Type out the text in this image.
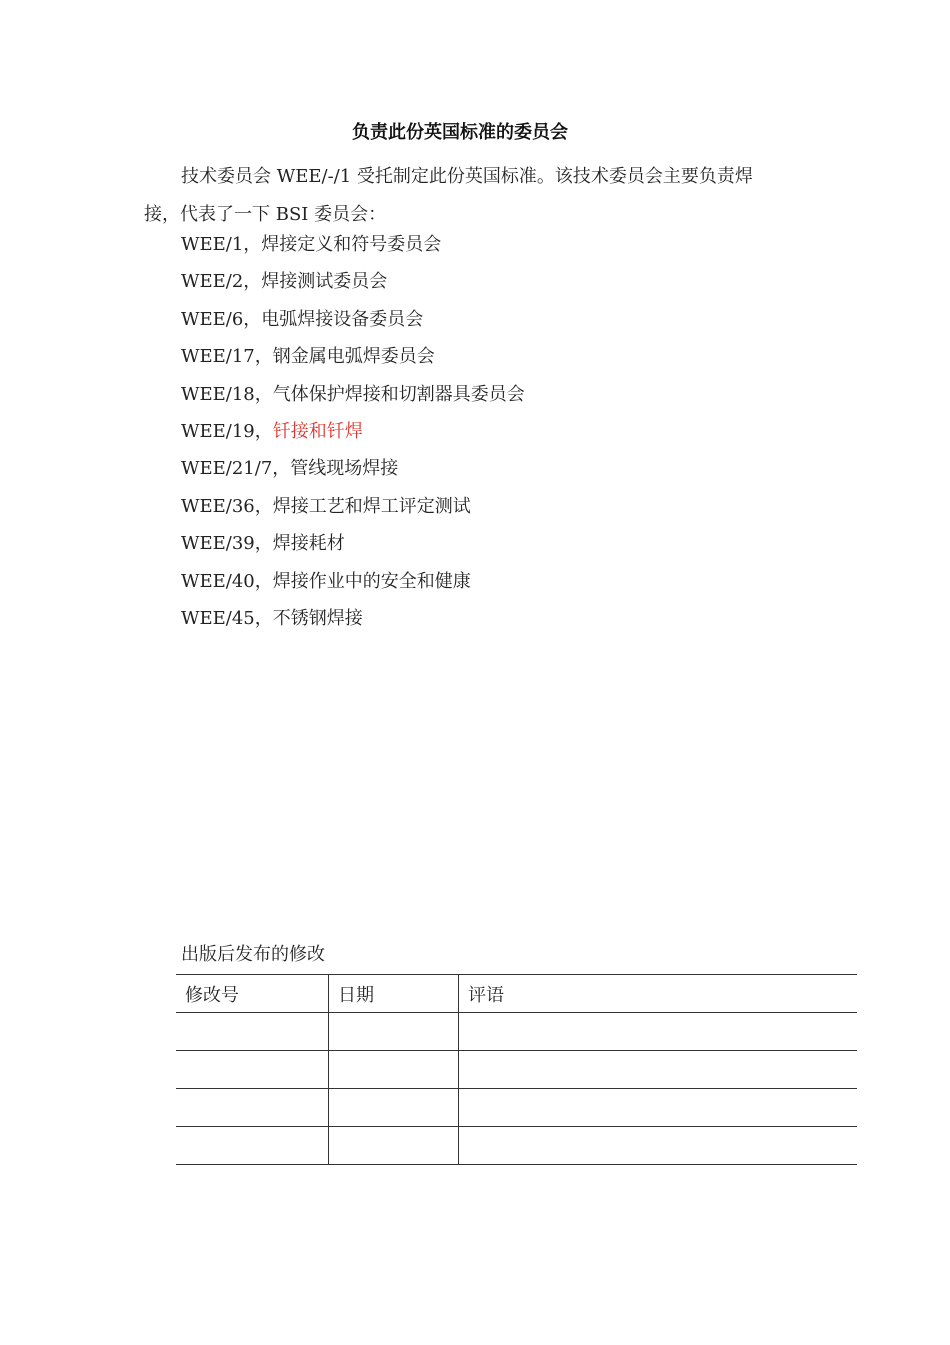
负责此份英国标准的委员会
技术委员会 WEE/-/1 受托制定此份英国标准。该技术委员会主要负责焊
接，代表了一下 BSI 委员会：
WEE/1，焊接定义和符号委员会
WEE/2，焊接测试委员会
WEE/6，电弧焊接设备委员会
WEE/17，钢金属电弧焊委员会
WEE/18，气体保护焊接和切割器具委员会
WEE/19，钎接和钎焊
WEE/21/7，管线现场焊接
WEE/36，焊接工艺和焊工评定测试
WEE/39，焊接耗材
WEE/40，焊接作业中的安全和健康
WEE/45，不锈钢焊接
出版后发布的修改
修改号	日期	评语
